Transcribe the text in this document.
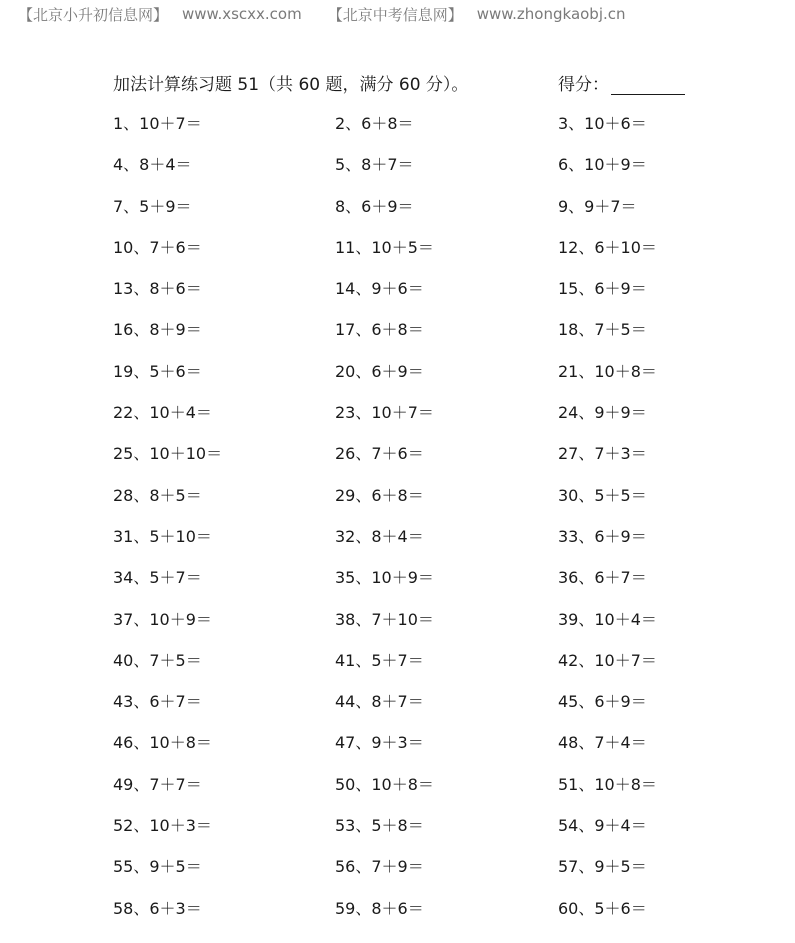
【北京小升初信息网】 www.xscxx.com 【北京中考信息网】 www.zhongkaobj.cn
加法计算练习题 51（共 60 题，满分 60 分）。	得分：
1、10＋7＝	2、6＋8＝	3、10＋6＝
4、8＋4＝	5、8＋7＝	6、10＋9＝
7、5＋9＝	8、6＋9＝	9、9＋7＝
10、7＋6＝	11、10＋5＝	12、6＋10＝
13、8＋6＝	14、9＋6＝	15、6＋9＝
16、8＋9＝	17、6＋8＝	18、7＋5＝
19、5＋6＝	20、6＋9＝	21、10＋8＝
22、10＋4＝	23、10＋7＝	24、9＋9＝
25、10＋10＝	26、7＋6＝	27、7＋3＝
28、8＋5＝	29、6＋8＝	30、5＋5＝
31、5＋10＝	32、8＋4＝	33、6＋9＝
34、5＋7＝	35、10＋9＝	36、6＋7＝
37、10＋9＝	38、7＋10＝	39、10＋4＝
40、7＋5＝	41、5＋7＝	42、10＋7＝
43、6＋7＝	44、8＋7＝	45、6＋9＝
46、10＋8＝	47、9＋3＝	48、7＋4＝
49、7＋7＝	50、10＋8＝	51、10＋8＝
52、10＋3＝	53、5＋8＝	54、9＋4＝
55、9＋5＝	56、7＋9＝	57、9＋5＝
58、6＋3＝	59、8＋6＝	60、5＋6＝
